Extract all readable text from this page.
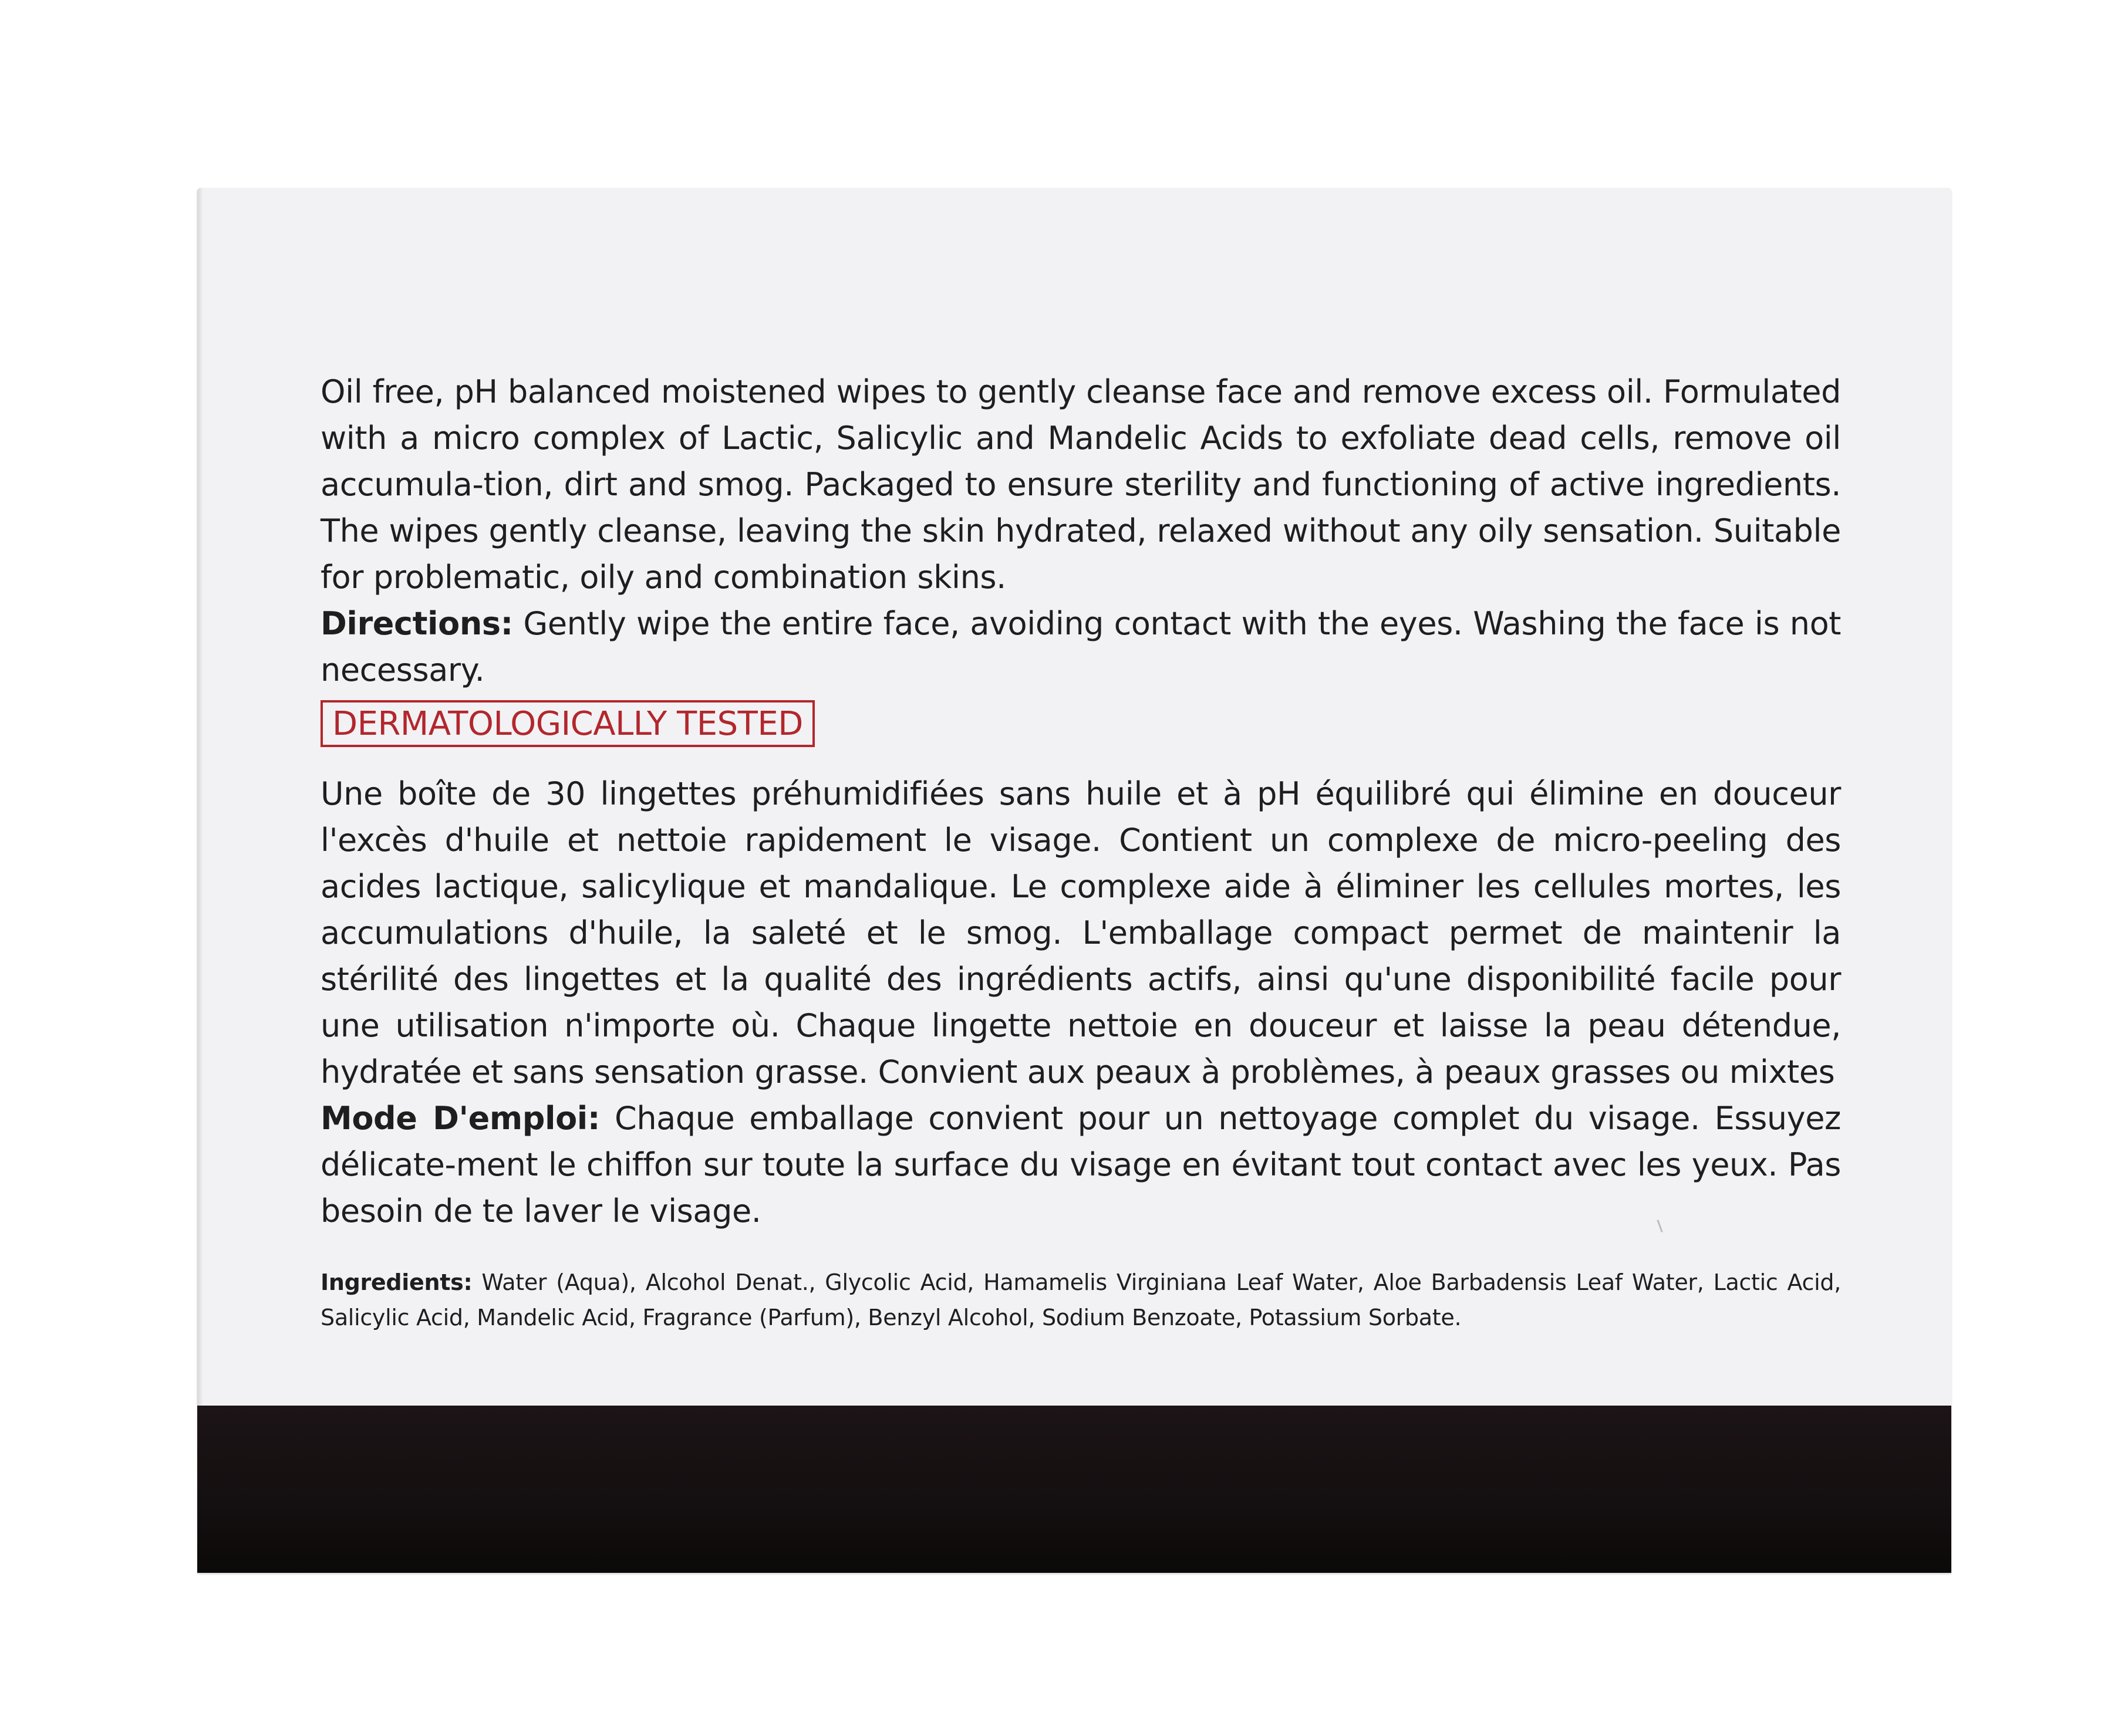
Oil free, pH balanced moistened wipes to gently cleanse face and remove excess oil. Formulated with a micro complex of Lactic, Salicylic and Mandelic Acids to exfoliate dead cells, remove oil accumula-tion, dirt and smog. Packaged to ensure sterility and functioning of active ingredients. The wipes gently cleanse, leaving the skin hydrated, relaxed without any oily sensation. Suitable for problematic, oily and combination skins.

Directions: Gently wipe the entire face, avoiding contact with the eyes. Washing the face is not necessary.

DERMATOLOGICALLY TESTED

Une boîte de 30 lingettes préhumidifiées sans huile et à pH équilibré qui élimine en douceur l'excès d'huile et nettoie rapidement le visage. Contient un complexe de micro-peeling des acides lactique, salicylique et mandalique. Le complexe aide à éliminer les cellules mortes, les accumulations d'huile, la saleté et le smog. L'emballage compact permet de maintenir la stérilité des lingettes et la qualité des ingrédients actifs, ainsi qu'une disponibilité facile pour une utilisation n'importe où. Chaque lingette nettoie en douceur et laisse la peau détendue, hydratée et sans sensation grasse. Convient aux peaux à problèmes, à peaux grasses ou mixtes

Mode D'emploi: Chaque emballage convient pour un nettoyage complet du visage. Essuyez délicate-ment le chiffon sur toute la surface du visage en évitant tout contact avec les yeux. Pas besoin de te laver le visage.

Ingredients: Water (Aqua), Alcohol Denat., Glycolic Acid, Hamamelis Virginiana Leaf Water, Aloe Barbadensis Leaf Water, Lactic Acid, Salicylic Acid, Mandelic Acid, Fragrance (Parfum), Benzyl Alcohol, Sodium Benzoate, Potassium Sorbate.
